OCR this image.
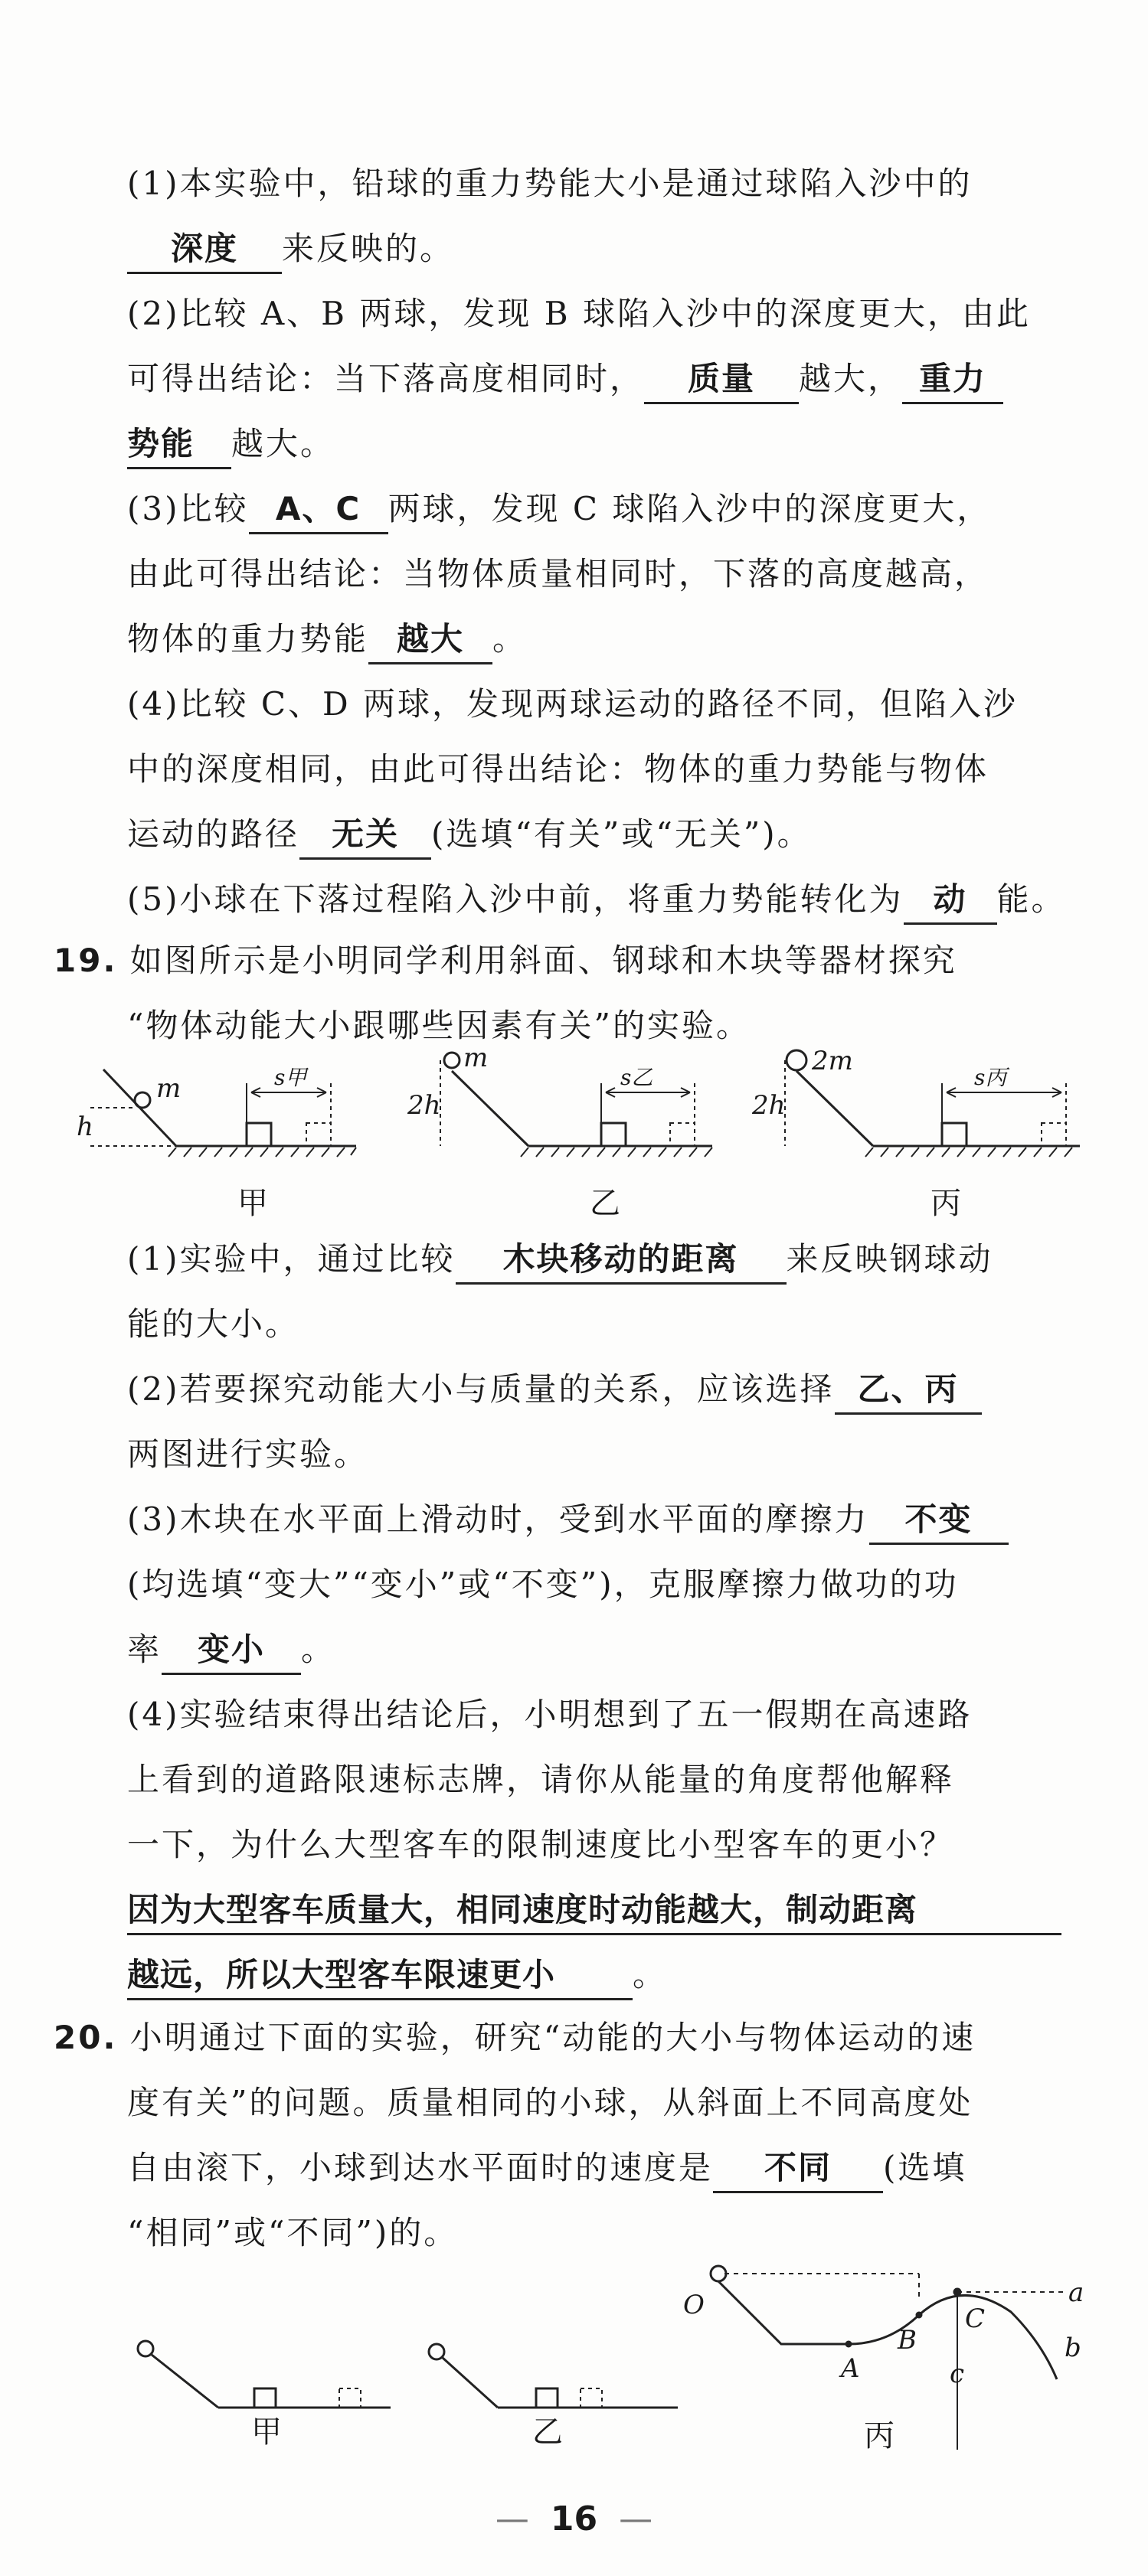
(1)本实验中，铅球的重力势能大小是通过球陷入沙中的
深度 来反映的。
(2)比较 A、B 两球，发现 B 球陷入沙中的深度更大，由此
可得出结论：当下落高度相同时， 质量 越大， 重力
势能 越大。
(3)比较 A、C 两球，发现 C 球陷入沙中的深度更大，
由此可得出结论：当物体质量相同时，下落的高度越高，
物体的重力势能 越大 。
(4)比较 C、D 两球，发现两球运动的路径不同，但陷入沙
中的深度相同，由此可得出结论：物体的重力势能与物体
运动的路径 无关 (选填“有关”或“无关”)。
(5)小球在下落过程陷入沙中前，将重力势能转化为 动 能。
19. 如图所示是小明同学利用斜面、钢球和木块等器材探究
“物体动能大小跟哪些因素有关”的实验。
m
h
s甲
m
2h
s乙
2m
2h
s丙
甲	乙	丙
(1)实验中，通过比较 木块移动的距离 来反映钢球动
能的大小。
(2)若要探究动能大小与质量的关系，应该选择 乙、丙
两图进行实验。
(3)木块在水平面上滑动时，受到水平面的摩擦力 不变
(均选填“变大”“变小”或“不变”)，克服摩擦力做功的功
率 变小 。
(4)实验结束得出结论后，小明想到了五一假期在高速路
上看到的道路限速标志牌，请你从能量的角度帮他解释
一下，为什么大型客车的限制速度比小型客车的更小？
因为大型客车质量大，相同速度时动能越大，制动距离
越远，所以大型客车限速更小 。
20. 小明通过下面的实验，研究“动能的大小与物体运动的速
度有关”的问题。质量相同的小球，从斜面上不同高度处
自由滚下，小球到达水平面时的速度是 不同 (选填
“相同”或“不同”)的。
O
A
B
C
a
b
c
甲	乙	丙
— 16 —
